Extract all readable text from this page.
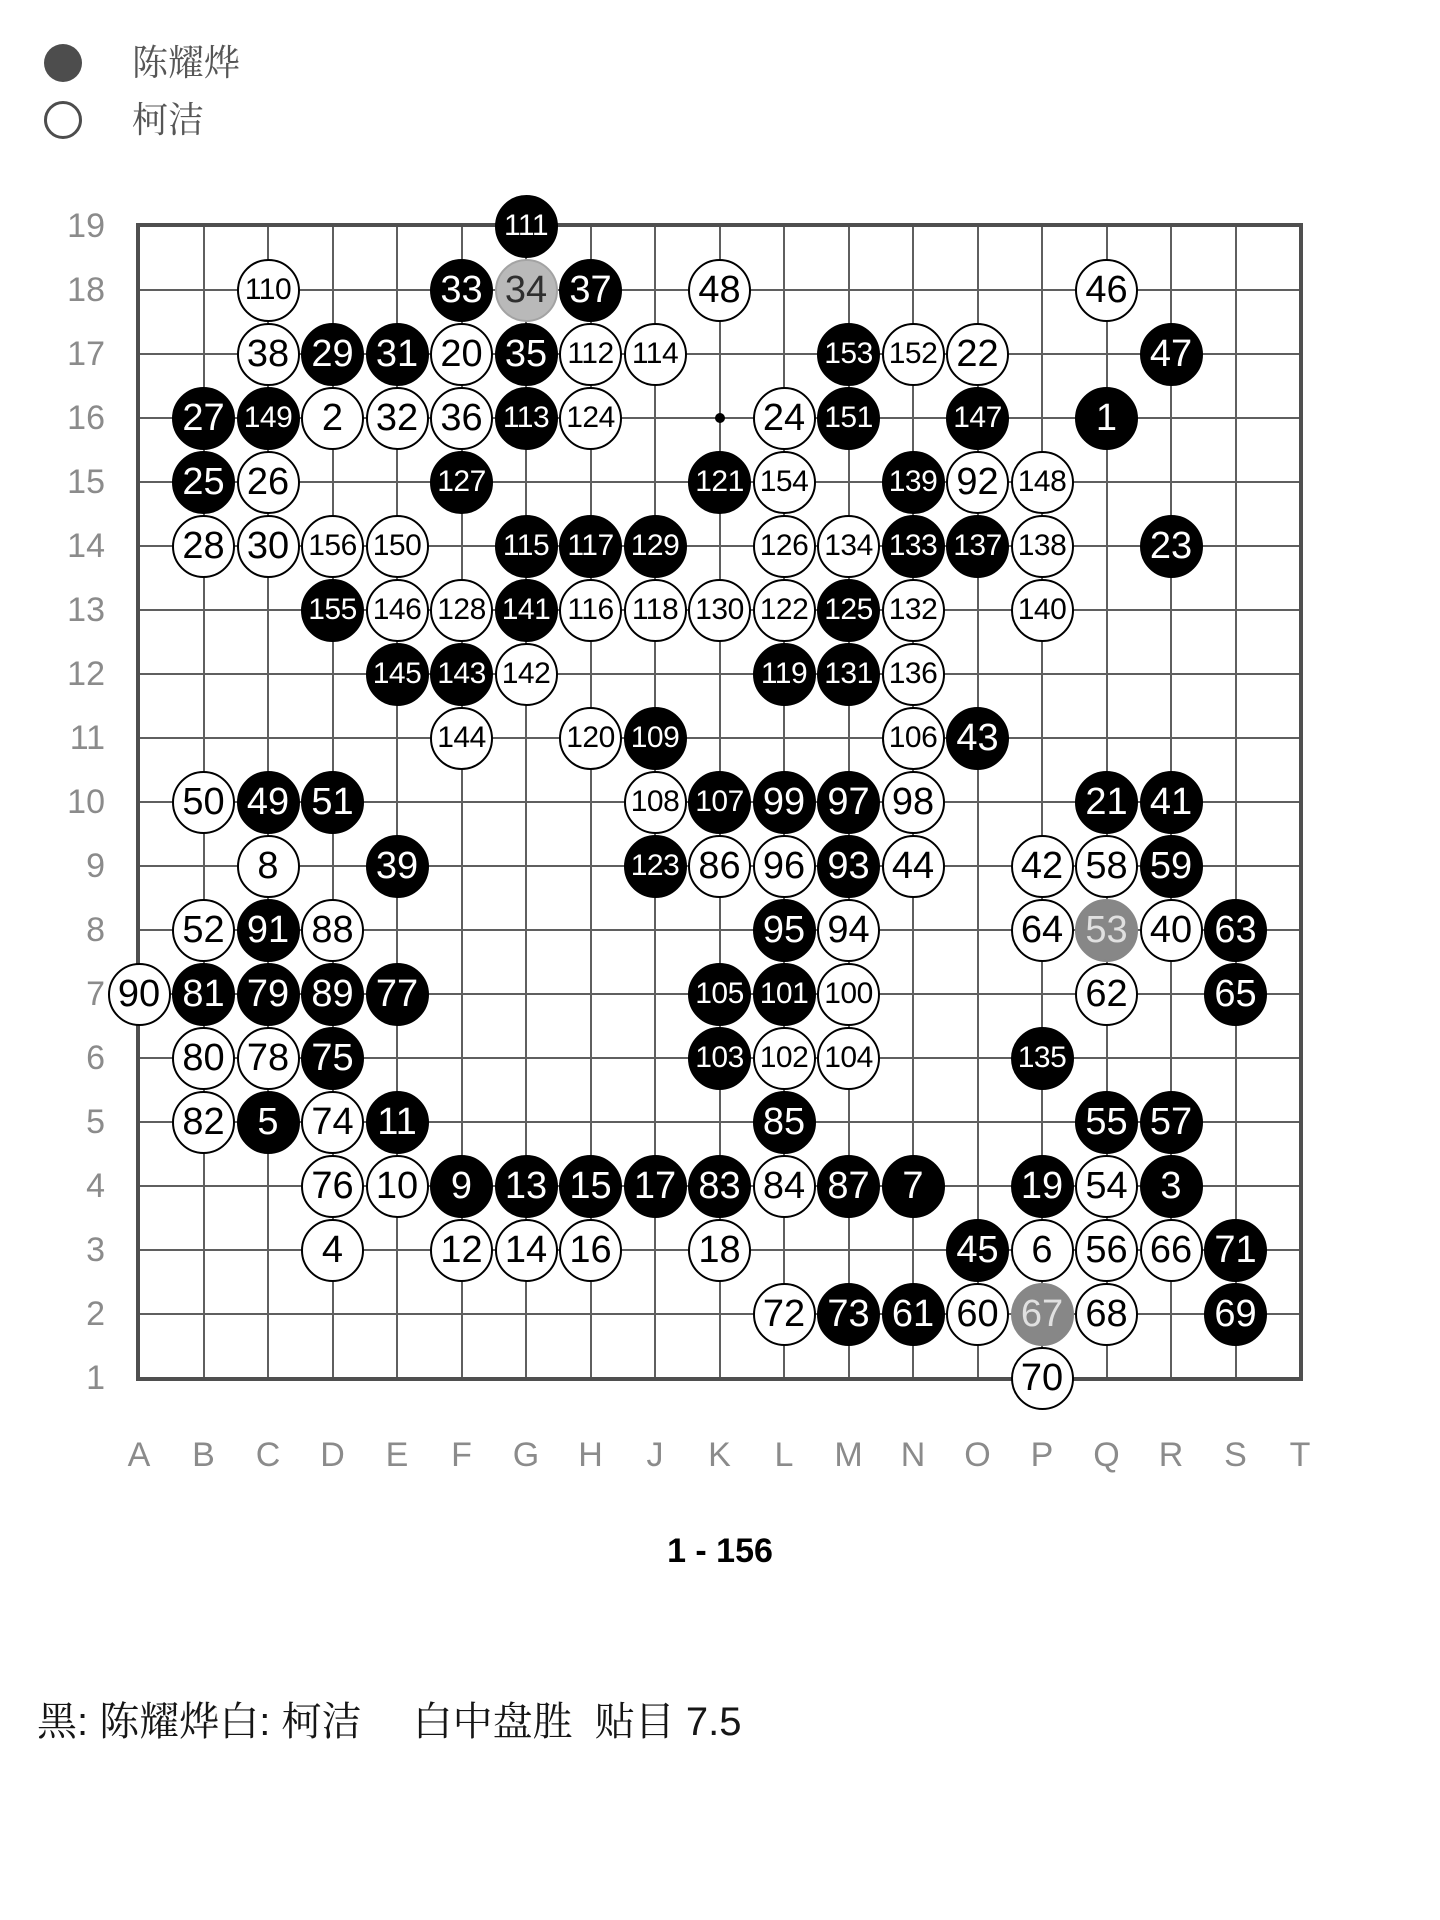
陈耀烨
柯洁
19
18
17
16
15
14
13
12
11
10
9
8
7
6
5
4
3
2
1
A B C D E F G H	J	K	L	M N O P Q R S T
1
2
3
4
5
6
7
8
9
10
11
12
13
14
15
16
17
18
19
20
21
22
23
24
25 26
27
28
29
30
31
32
33 34
35
36
37
38
39
40
41
42
43
44
45
46
47
48
49
50 51
52	53
54
55
56
57
58 59
60
61
62
63
64
65
66
67 68 69
70
71
72 73
74
75
76
77
78
79
80
81
82
83 84
85
86
87
88
89
90
91
92
93
94
95
96
97 98
99
100
101
102
103	104
105
106
107
108
109
110
111
112
113
114
115
116
117
118
119
120
121
122
123
124
125
126
127
128
129
130
131
132
133
134
135
136
137 138
139
140
141
142
143
144
145
146
147
148
149
150
151
152
153
154
155
156
1 - 156
黑: 陈耀烨白: 柯洁　 白中盘胜  贴目 7.5
